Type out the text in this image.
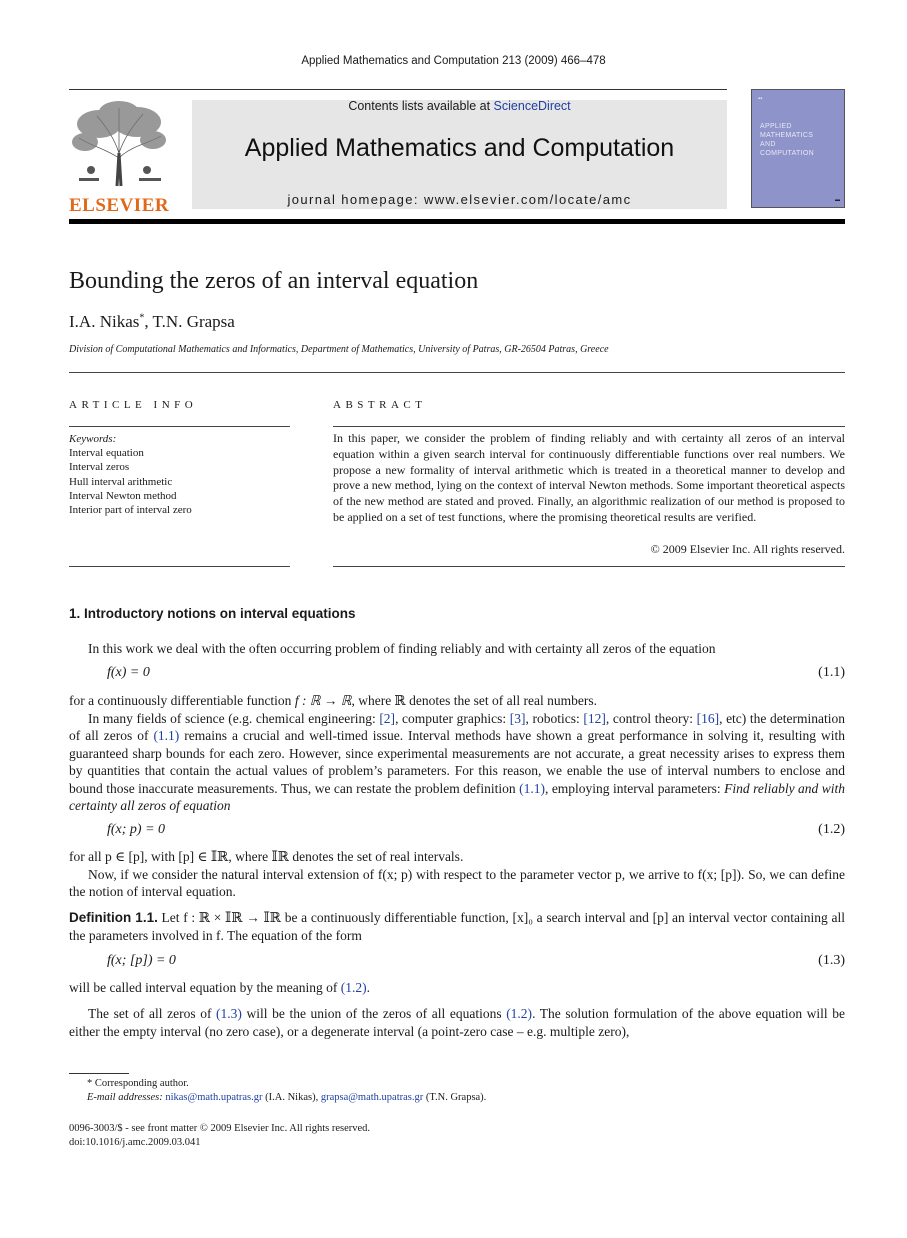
Applied Mathematics and Computation 213 (2009) 466–478
ELSEVIER
Contents lists available at ScienceDirect
Applied Mathematics and Computation
journal homepage: www.elsevier.com/locate/amc
▪▪
APPLIED
MATHEMATICS
AND
COMPUTATION
▬
Bounding the zeros of an interval equation
I.A. Nikas*, T.N. Grapsa
Division of Computational Mathematics and Informatics, Department of Mathematics, University of Patras, GR-26504 Patras, Greece
ARTICLE INFO
Keywords:
Interval equation
Interval zeros
Hull interval arithmetic
Interval Newton method
Interior part of interval zero
ABSTRACT
In this paper, we consider the problem of finding reliably and with certainty all zeros of an interval equation within a given search interval for continuously differentiable functions over real numbers. We propose a new formality of interval arithmetic which is treated in a theoretical manner to develop and prove a new method, lying on the context of interval Newton methods. Some important theoretical aspects of the new method are stated and proved. Finally, an algorithmic realization of our method is proposed to be applied on a set of test functions, where the promising theoretical results are verified.
© 2009 Elsevier Inc. All rights reserved.
1. Introductory notions on interval equations
In this work we deal with the often occurring problem of finding reliably and with certainty all zeros of the equation
f(x) = 0	(1.1)
for a continuously differentiable function f : ℝ → ℝ, where ℝ denotes the set of all real numbers.
In many fields of science (e.g. chemical engineering: [2], computer graphics: [3], robotics: [12], control theory: [16], etc) the determination of all zeros of (1.1) remains a crucial and well-timed issue. Interval methods have shown a great performance in solving it, resulting with guaranteed sharp bounds for each zero. However, since experimental measurements are not accurate, a great necessity arises to express them by quantities that contain the actual values of problem’s parameters. For this reason, we enable the use of interval numbers to enclose and bound those inaccurate measurements. Thus, we can restate the problem definition (1.1), employing interval parameters: Find reliably and with certainty all zeros of equation
f(x; p) = 0	(1.2)
for all p ∈ [p], with [p] ∈ 𝕀ℝ, where 𝕀ℝ denotes the set of real intervals.
Now, if we consider the natural interval extension of f(x; p) with respect to the parameter vector p, we arrive to f(x; [p]). So, we can define the notion of interval equation.
Definition 1.1. Let f : ℝ × 𝕀ℝ → 𝕀ℝ be a continuously differentiable function, [x]₀ a search interval and [p] an interval vector containing all the parameters involved in f. The equation of the form
f(x; [p]) = 0	(1.3)
will be called interval equation by the meaning of (1.2).
The set of all zeros of (1.3) will be the union of the zeros of all equations (1.2). The solution formulation of the above equation will be either the empty interval (no zero case), or a degenerate interval (a point-zero case – e.g. multiple zero),
* Corresponding author.
E-mail addresses: nikas@math.upatras.gr (I.A. Nikas), grapsa@math.upatras.gr (T.N. Grapsa).
0096-3003/$ - see front matter © 2009 Elsevier Inc. All rights reserved.
doi:10.1016/j.amc.2009.03.041
